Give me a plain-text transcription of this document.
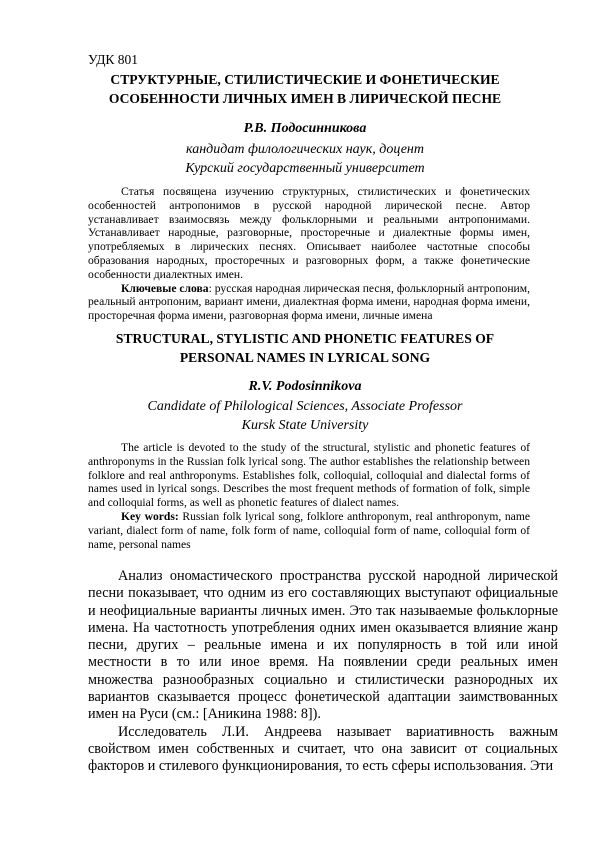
УДК 801
СТРУКТУРНЫЕ, СТИЛИСТИЧЕСКИЕ И ФОНЕТИЧЕСКИЕ
ОСОБЕННОСТИ ЛИЧНЫХ ИМЕН В ЛИРИЧЕСКОЙ ПЕСНЕ
Р.В. Подосинникова
кандидат филологических наук, доцент
Курский государственный университет

Статья посвящена изучению структурных, стилистических и фонетических особенностей антропонимов в русской народной лирической песне. Автор устанавливает взаимосвязь между фольклорными и реальными антропонимами. Устанавливает народные, разговорные, просторечные и диалектные формы имен, употребляемых в лирических песнях. Описывает наиболее частотные способы образования народных, просторечных и разговорных форм, а также фонетические особенности диалектных имен.

Ключевые слова: русская народная лирическая песня, фольклорный антропоним, реальный антропоним, вариант имени, диалектная форма имени, народная форма имени, просторечная форма имени, разговорная форма имени, личные имена

STRUCTURAL, STYLISTIC AND PHONETIC FEATURES OF
PERSONAL NAMES IN LYRICAL SONG
R.V. Podosinnikova
Candidate of Philological Sciences, Associate Professor
Kursk State University

The article is devoted to the study of the structural, stylistic and phonetic features of anthroponyms in the Russian folk lyrical song. The author establishes the relationship between folklore and real anthroponyms. Establishes folk, colloquial, colloquial and dialectal forms of names used in lyrical songs. Describes the most frequent methods of formation of folk, simple and colloquial forms, as well as phonetic features of dialect names.

Key words: Russian folk lyrical song, folklore anthroponym, real anthroponym, name variant, dialect form of name, folk form of name, colloquial form of name, colloquial form of name, personal names

Анализ ономастического пространства русской народной лирической песни показывает, что одним из его составляющих выступают официальные и неофициальные варианты личных имен. Это так называемые фольклорные имена. На частотность употребления одних имен оказывается влияние жанр песни, других – реальные имена и их популярность в той или иной местности в то или иное время. На появлении среди реальных имен множества разнообразных социально и стилистически разнородных их вариантов сказывается процесс фонетической адаптации заимствованных имен на Руси (см.: [Аникина 1988: 8]).

Исследователь Л.И. Андреева называет вариативность важным свойством имен собственных и считает, что она зависит от социальных факторов и стилевого функционирования, то есть сферы использования. Эти
